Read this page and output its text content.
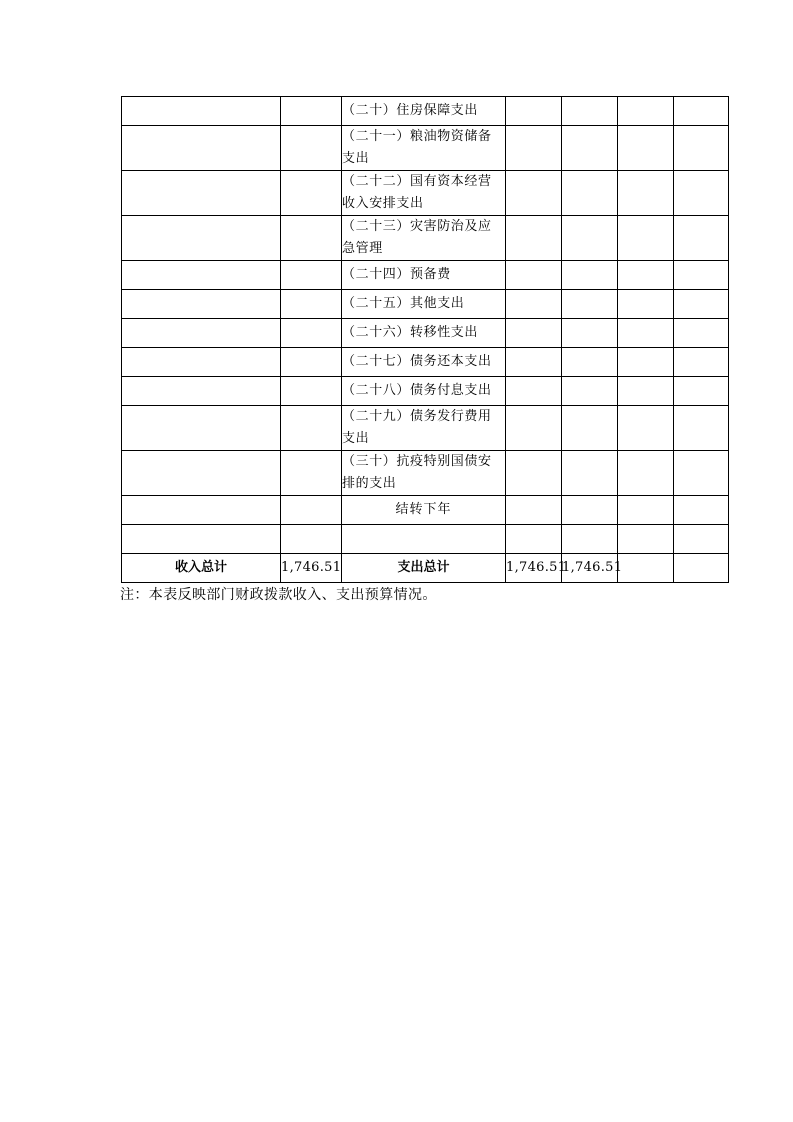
		（二十）住房保障支出				
		（二十一）粮油物资储备支出				
		（二十二）国有资本经营收入安排支出				
		（二十三）灾害防治及应急管理				
		（二十四）预备费				
		（二十五）其他支出				
		（二十六）转移性支出				
		（二十七）债务还本支出				
		（二十八）债务付息支出				
		（二十九）债务发行费用支出				
		（三十）抗疫特别国债安排的支出				
		结转下年				

收入总计	1,746.51	支出总计	1,746.51	1,746.51		
注：本表反映部门财政拨款收入、支出预算情况。
